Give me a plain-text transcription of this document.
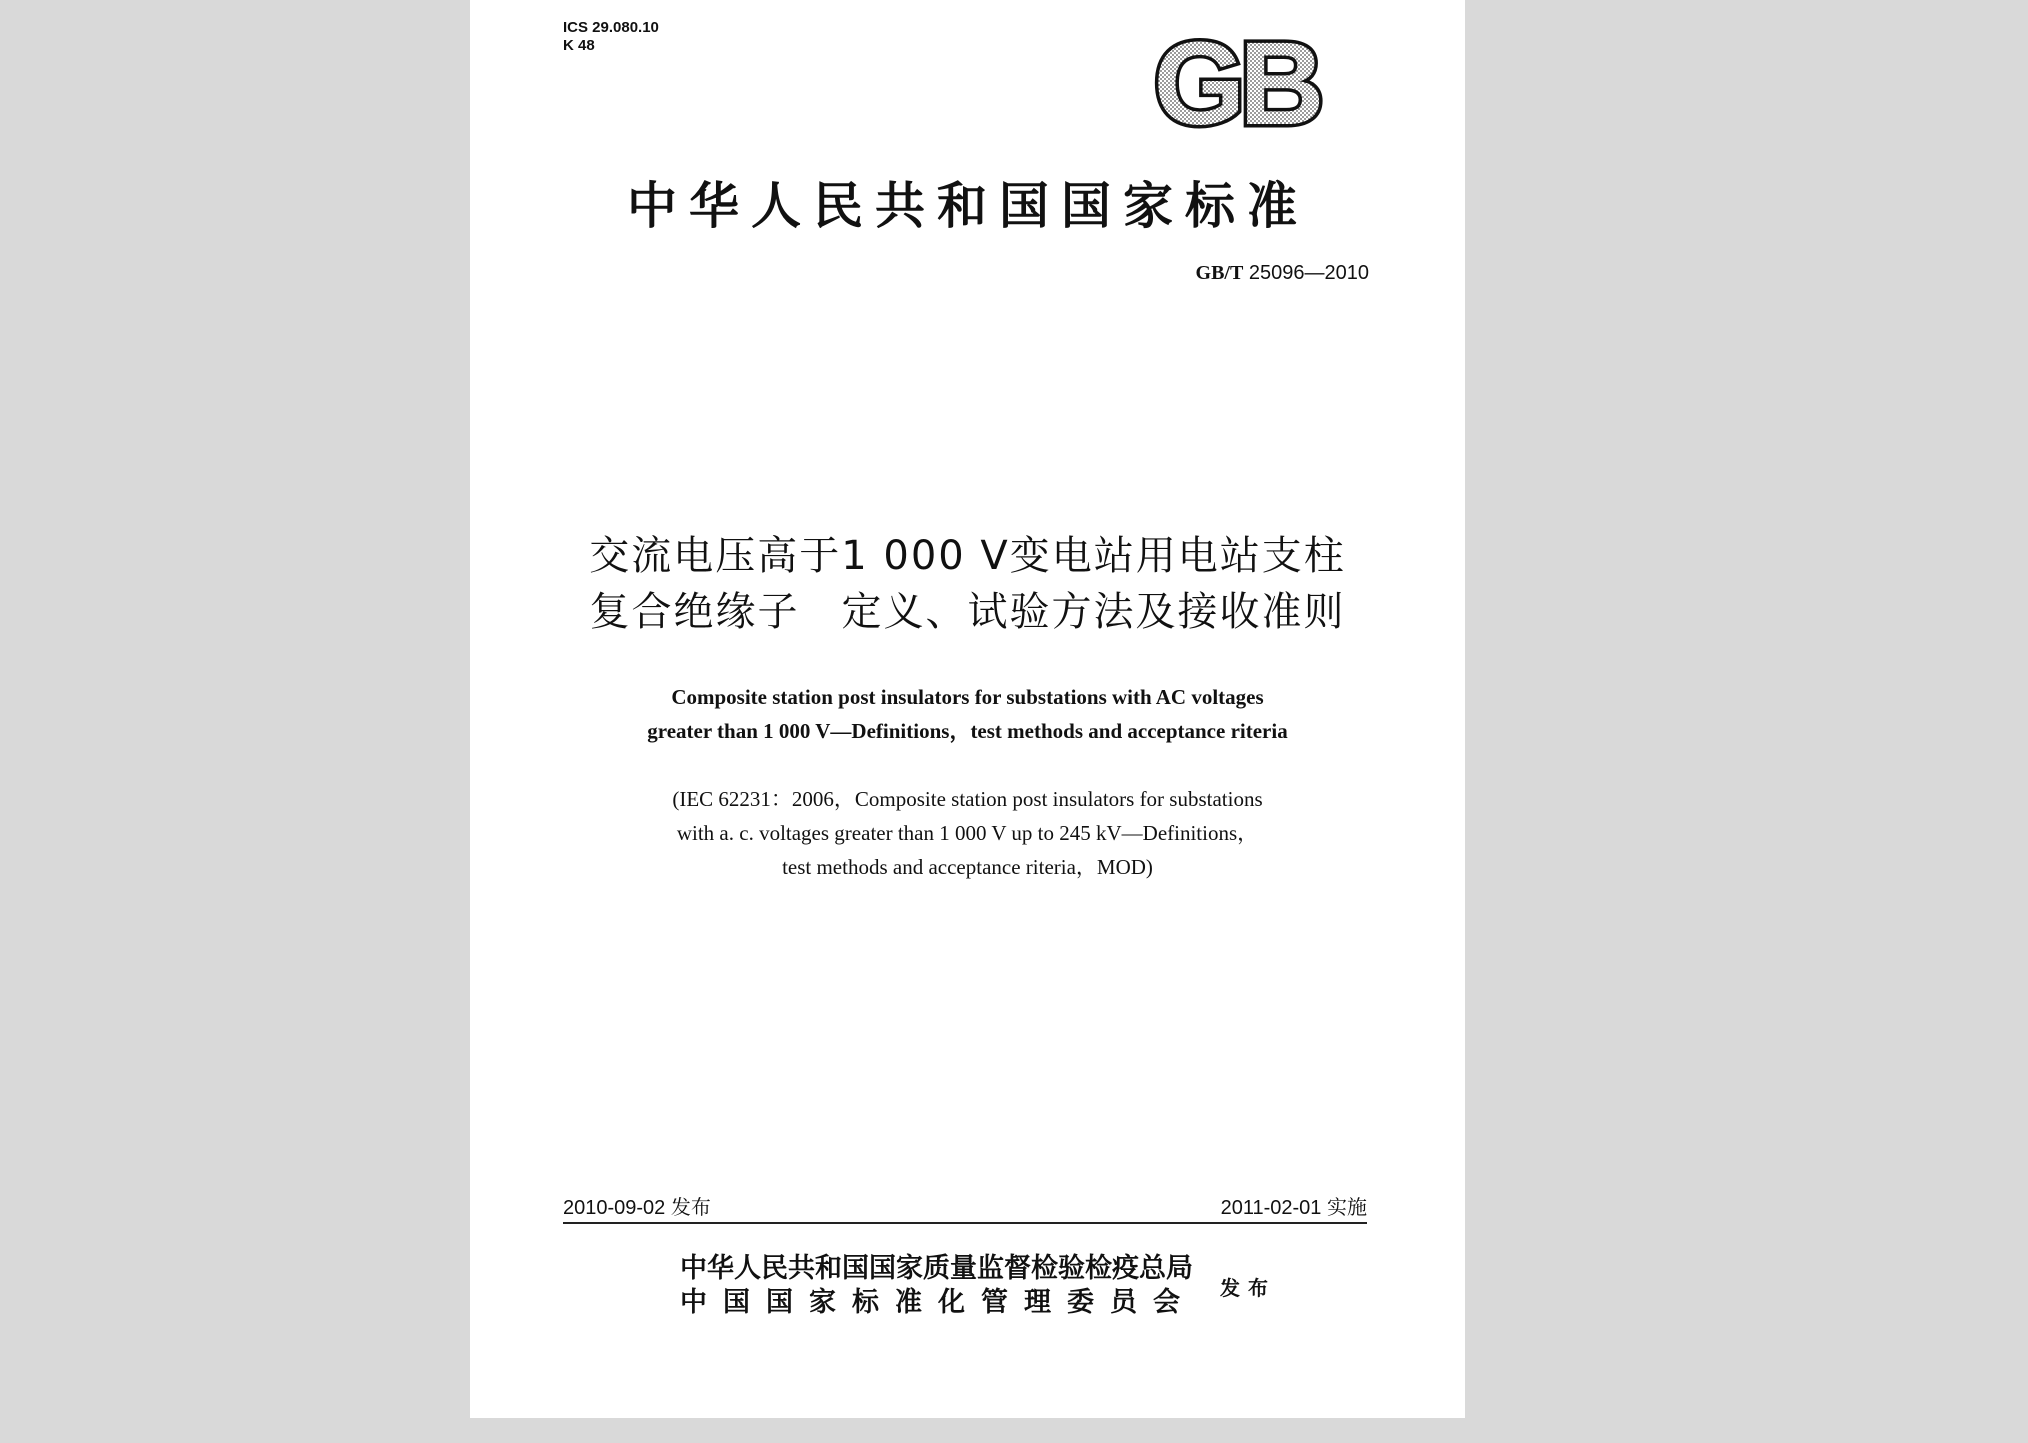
ICS 29.080.10
K 48	GB
中华人民共和国国家标准
GB/T 25096—2010
交流电压高于1 000 V变电站用电站支柱
复合绝缘子　定义、试验方法及接收准则
Composite station post insulators for substations with AC voltages
greater than 1 000 V—Definitions，test methods and acceptance riteria
(IEC 62231：2006，Composite station post insulators for substations
with a. c. voltages greater than 1 000 V up to 245 kV—Definitions，
test methods and acceptance riteria，MOD)
2010-09-02 发布	2011-02-01 实施
中华人民共和国国家质量监督检验检疫总局
中国国家标准化管理委员会 发布
